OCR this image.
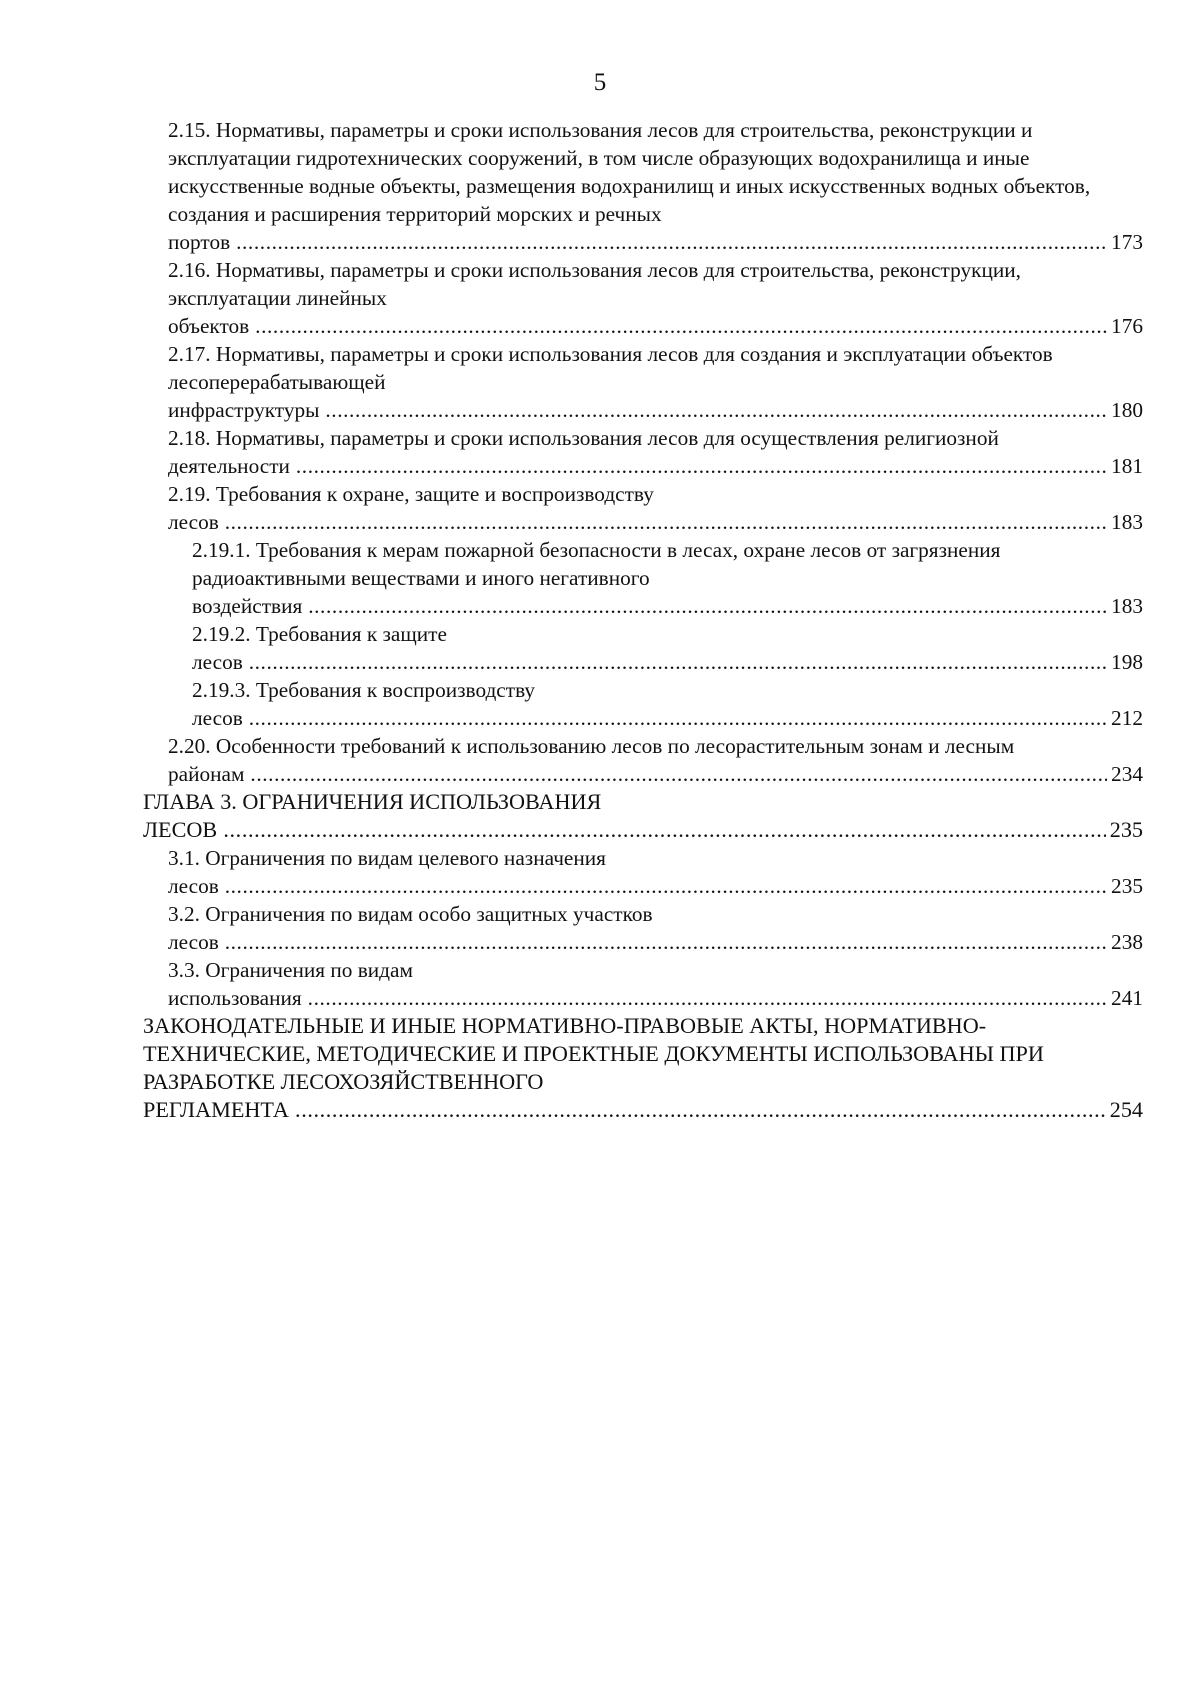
5
2.15. Нормативы, параметры и сроки использования лесов для строительства, реконструкции и эксплуатации гидротехнических сооружений, в том числе образующих водохранилища и иные искусственные водные объекты, размещения водохранилищ и иных искусственных водных объектов, создания и расширения территорий морских и речных портов .....	173
2.16. Нормативы, параметры и сроки использования лесов для строительства, реконструкции, эксплуатации линейных объектов .....	176
2.17. Нормативы, параметры и сроки использования лесов для создания и эксплуатации объектов лесоперерабатывающей инфраструктуры .....	180
2.18. Нормативы, параметры и сроки использования лесов для осуществления религиозной деятельности .....	181
2.19. Требования к охране, защите и воспроизводству лесов .....	183
2.19.1. Требования к мерам пожарной безопасности в лесах, охране лесов от загрязнения радиоактивными веществами и иного негативного воздействия .....	183
2.19.2. Требования к защите лесов .....	198
2.19.3. Требования к воспроизводству лесов .....	212
2.20. Особенности требований к использованию лесов по лесорастительным зонам и лесным районам .....	234
ГЛАВА 3. ОГРАНИЧЕНИЯ ИСПОЛЬЗОВАНИЯ ЛЕСОВ .....	235
3.1. Ограничения по видам целевого назначения лесов .....	235
3.2. Ограничения по видам особо защитных участков лесов .....	238
3.3. Ограничения по видам использования .....	241
ЗАКОНОДАТЕЛЬНЫЕ И ИНЫЕ НОРМАТИВНО-ПРАВОВЫЕ АКТЫ, НОРМАТИВНО-ТЕХНИЧЕСКИЕ, МЕТОДИЧЕСКИЕ И ПРОЕКТНЫЕ ДОКУМЕНТЫ ИСПОЛЬЗОВАНЫ ПРИ РАЗРАБОТКЕ ЛЕСОХОЗЯЙСТВЕННОГО РЕГЛАМЕНТА .....	254
